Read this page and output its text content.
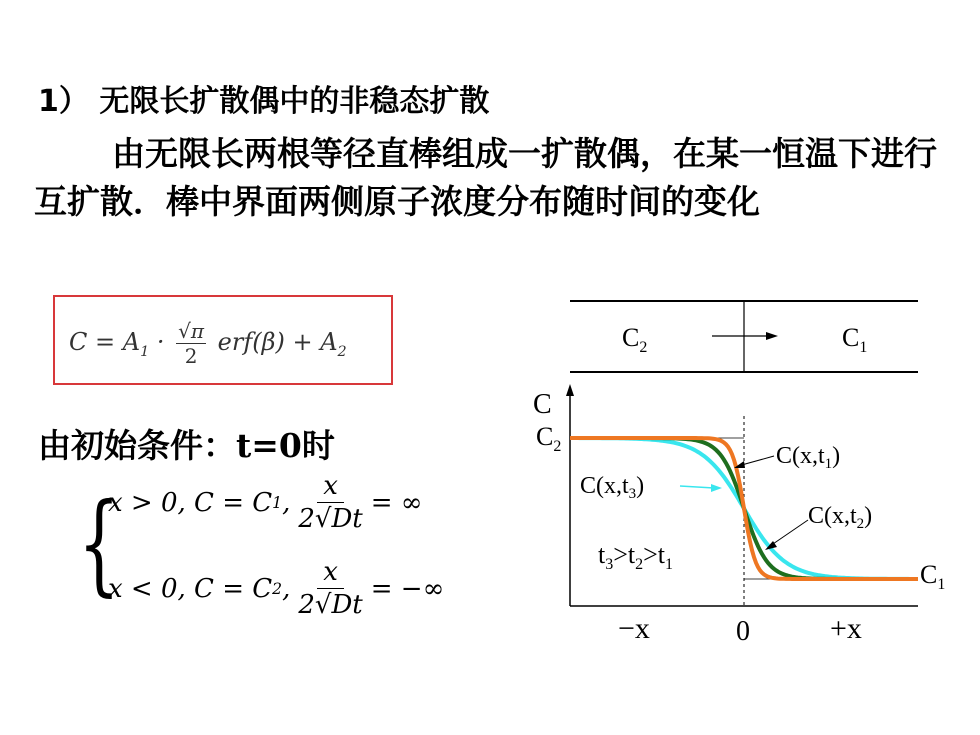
1） 无限长扩散偶中的非稳态扩散
由无限长两根等径直棒组成一扩散偶，在某一恒温下进行互扩散．棒中界面两侧原子浓度分布随时间的变化
$C = A_1 \cdot \frac{√\pi}{2} erf(\beta) + A_2$
由初始条件：t=0时
{
x > 0, C = C 1 , $\frac{x}{2√Dt}$ = ∞
x < 0, C = C 2 , $\frac{x}{2√Dt}$ = −∞
$C_2$	$C_1$
C
$C_2$
$C_1$
$C(x,t_1)$
$C(x,t_3)$
$C(x,t_2)$
$t_3>t_2>t_1$
−x	0	+x
